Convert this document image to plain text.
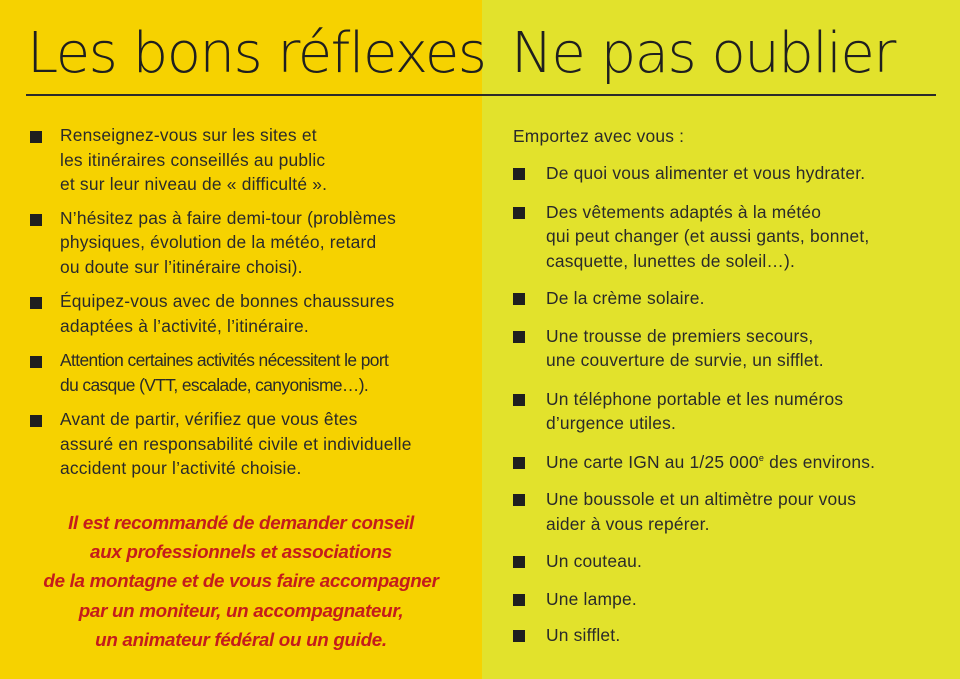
Les bons réflexes Ne pas oublier
Renseignez-vous sur les sites et
les itinéraires conseillés au public
et sur leur niveau de « difficulté ».
N’hésitez pas à faire demi-tour (problèmes
physiques, évolution de la météo, retard
ou doute sur l’itinéraire choisi).
Équipez-vous avec de bonnes chaussures
adaptées à l’activité, l’itinéraire.
Attention certaines activités nécessitent le port
du casque (VTT, escalade, canyonisme…).
Avant de partir, vérifiez que vous êtes
assuré en responsabilité civile et individuelle
accident pour l’activité choisie.

Il est recommandé de demander conseil
aux professionnels et associations
de la montagne et de vous faire accompagner
par un moniteur, un accompagnateur,
un animateur fédéral ou un guide.

Emportez avec vous :

De quoi vous alimenter et vous hydrater.
Des vêtements adaptés à la météo
qui peut changer (et aussi gants, bonnet,
casquette, lunettes de soleil…).
De la crème solaire.
Une trousse de premiers secours,
une couverture de survie, un sifflet.
Un téléphone portable et les numéros
d’urgence utiles.
Une carte IGN au 1/25 000e des environs.
Une boussole et un altimètre pour vous
aider à vous repérer.
Un couteau.
Une lampe.
Un sifflet.
